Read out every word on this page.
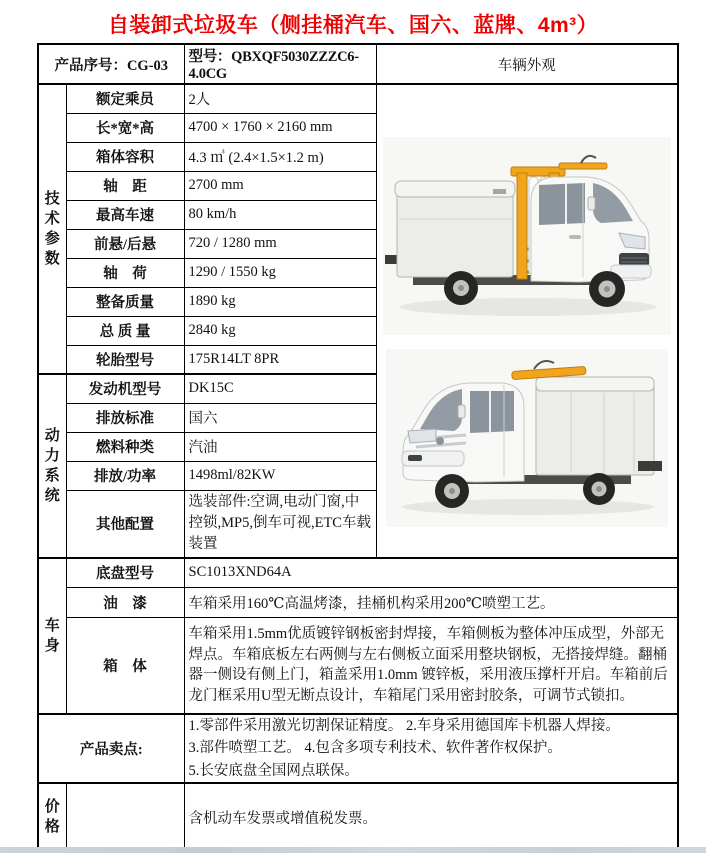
自装卸式垃圾车（侧挂桶汽车、国六、蓝牌、4m³）
产品序号：CG-03		型号：QBXQF5030ZZZC6-4.0CG	车辆外观

技术参数	额定乘员	2人	

	长*宽*高	4700 × 1760 × 2160 mm	
	箱体容积	4.3 ㎥ (2.4×1.5×1.2 m)	
	轴　距	2700 mm	
	最高车速	80 km/h	
	前悬/后悬	720 / 1280 mm	
	轴　荷	1290 / 1550 kg	
	整备质量	1890 kg	
	总 质 量	2840 kg	
	轮胎型号	175R14LT 8PR	

动力系统	发动机型号	DK15C	
	排放标准	国六	
	燃料种类	汽油	
	排放/功率	1498ml/82KW	
	其他配置	选装部件:空调,电动门窗,中控锁,MP5,倒车可视,ETC车载装置	

车身	底盘型号	SC1013XND64A	
	油　漆	车箱采用160℃高温烤漆，挂桶机构采用200℃喷塑工艺。	
	箱　体	车箱采用1.5mm优质镀锌钢板密封焊接，车箱侧板为整体冲压成型，外部无焊点。车箱底板左右两侧与左右侧板立面采用整块钢板，无搭接焊缝。翻桶器一侧设有侧上门，箱盖采用1.0mm 镀锌板，采用液压撑杆开启。车箱前后龙门框采用U型无断点设计，车箱尾门采用密封胶条，可调节式锁扣。	
产品卖点:		1.零部件采用激光切割保证精度。 2.车身采用德国库卡机器人焊接。
3.部件喷塑工艺。 4.包含多项专利技术、软件著作权保护。
5.长安底盘全国网点联保。	

价格		含机动车发票或增值税发票。	
